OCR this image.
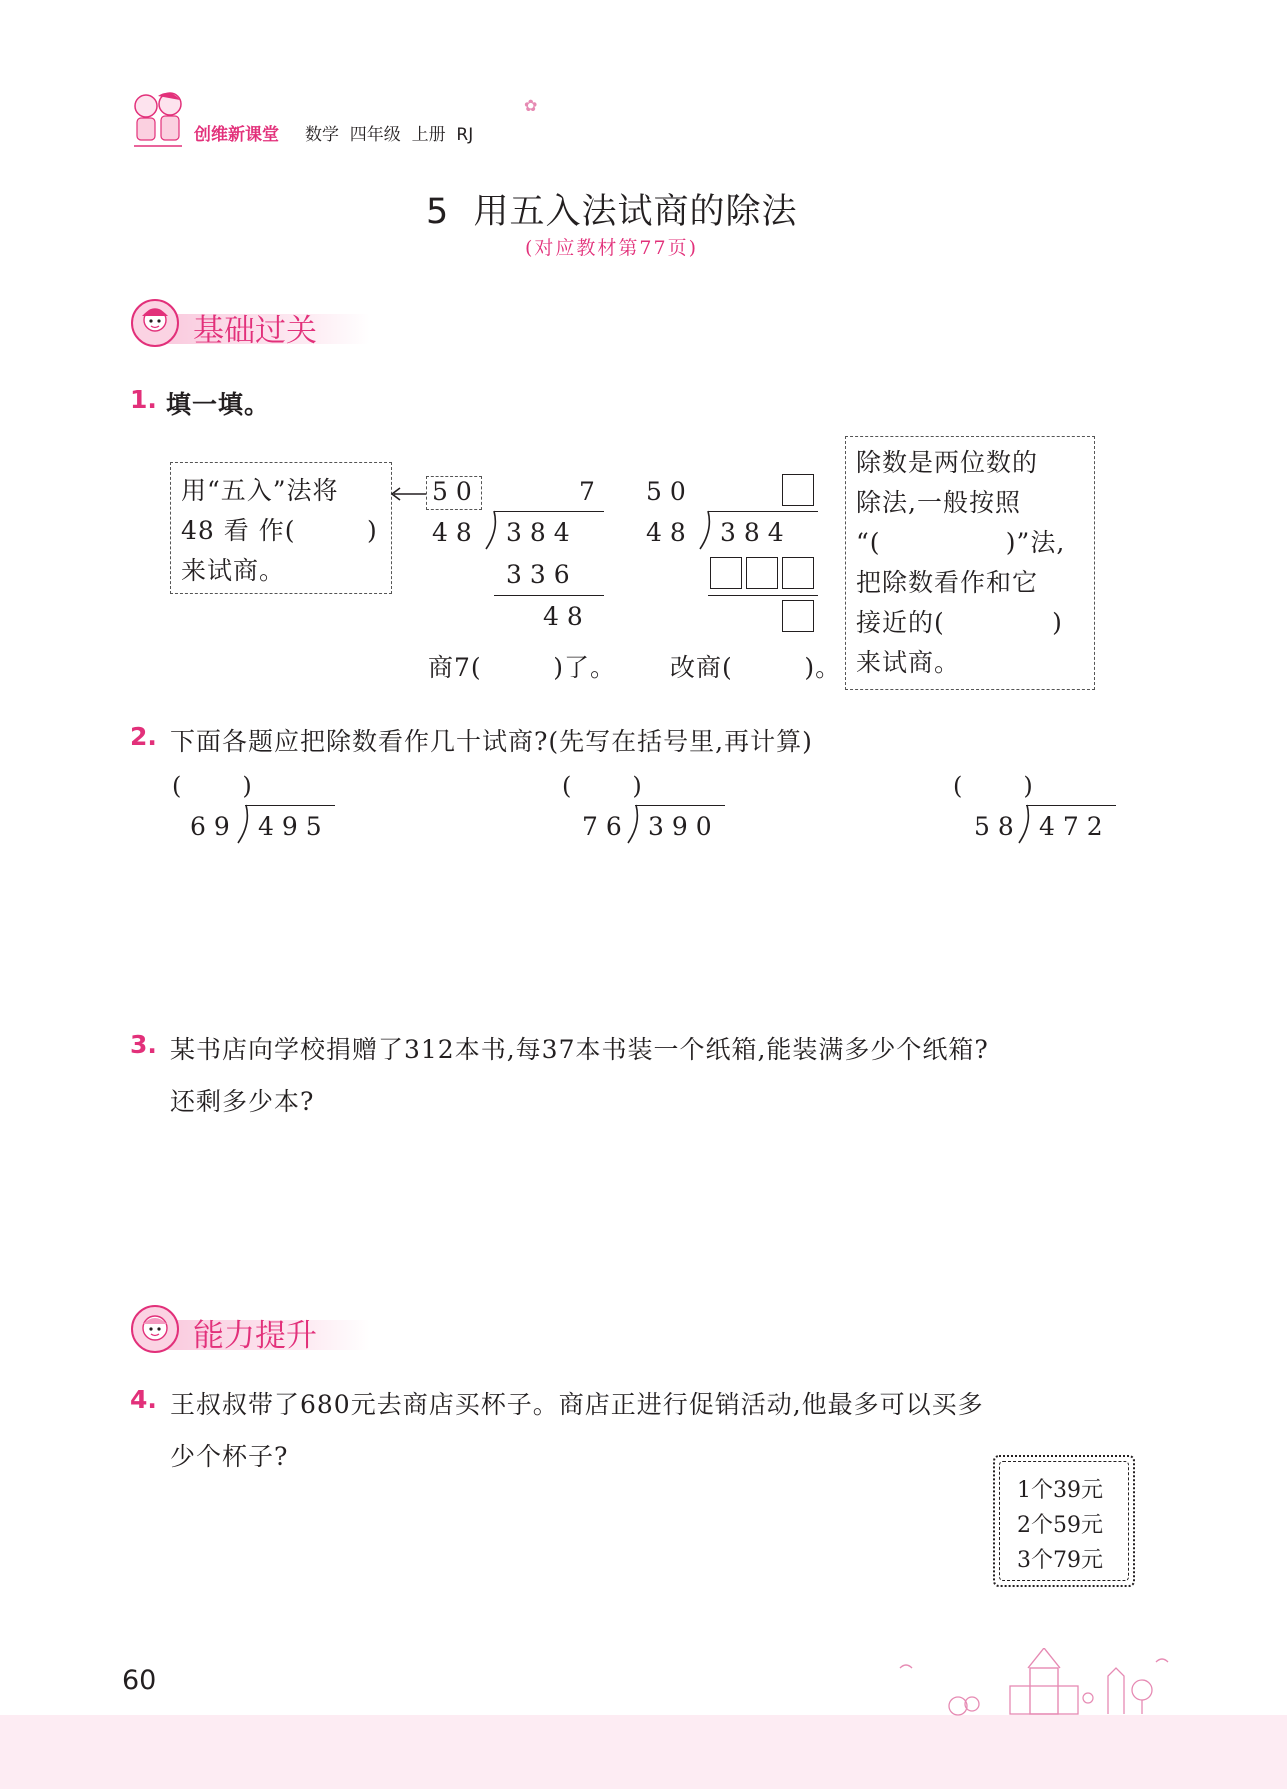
创维新课堂 数学  四年级  上册  RJ
✿
5  用五入法试商的除法
(对应教材第77页)
基础过关
1. 填一填。
用“五入”法将
48 看 作(        )
来试商。
5 0	7
4 8 3 8 4
3 3 6
4 8
商7(        )了。
5 0
4 8 3 8 4
改商(        )。
除数是两位数的
除法,一般按照
“(              )”法,
把除数看作和它
接近的(            )
来试商。
2. 下面各题应把除数看作几十试商?(先写在括号里,再计算)
(        )
6 9 4 9 5
(        )
7 6 3 9 0
(        )
5 8 4 7 2
3. 某书店向学校捐赠了312本书,每37本书装一个纸箱,能装满多少个纸箱?
还剩多少本?
能力提升
4. 王叔叔带了680元去商店买杯子。商店正进行促销活动,他最多可以买多
少个杯子?
1个39元
2个59元
3个79元
60
